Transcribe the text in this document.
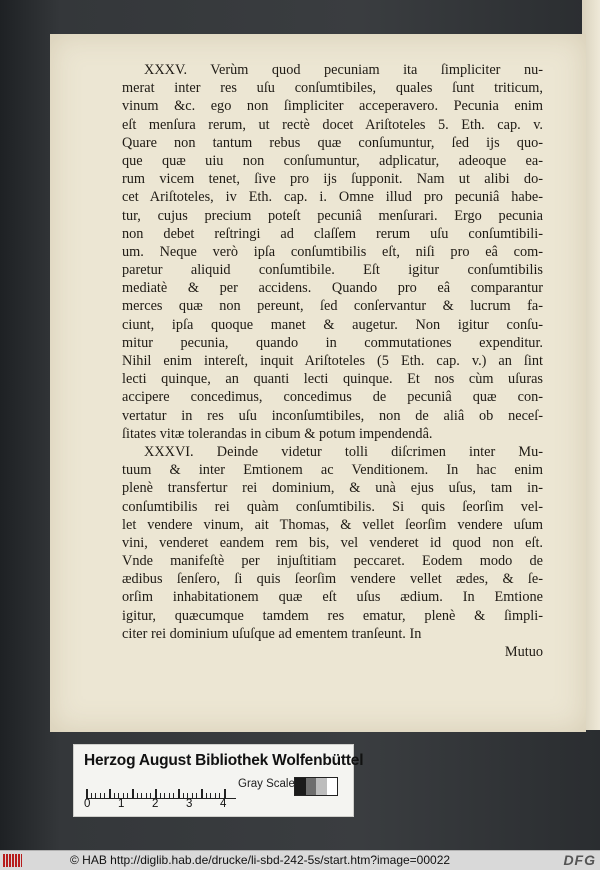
XXXV. Verùm quod pecuniam ita ſimpliciter nu-
merat inter res uſu conſumtibiles, quales ſunt triticum,
vinum &c. ego non ſimpliciter acceperavero. Pecunia enim
eſt menſura rerum, ut rectè docet Ariſtoteles 5. Eth. cap. v.
Quare non tantum rebus quæ conſumuntur, ſed ijs quo-
que quæ uiu non conſumuntur, adplicatur, adeoque ea-
rum vicem tenet, ſive pro ijs ſupponit. Nam ut alibi do-
cet Ariſtoteles, iv Eth. cap. i. Omne illud pro pecuniâ habe-
tur, cujus precium poteſt pecuniâ menſurari. Ergo pecunia
non debet reſtringi ad claſſem rerum uſu conſumtibili-
um. Neque verò ipſa conſumtibilis eſt, niſi pro eâ com-
paretur aliquid conſumtibile. Eſt igitur conſumtibilis
mediatè & per accidens. Quando pro eâ comparantur
merces quæ non pereunt, ſed conſervantur & lucrum fa-
ciunt, ipſa quoque manet & augetur. Non igitur conſu-
mitur pecunia, quando in commutationes expenditur.
Nihil enim intereſt, inquit Ariſtoteles (5 Eth. cap. v.) an ſint
lecti quinque, an quanti lecti quinque. Et nos cùm uſuras
accipere concedimus, concedimus de pecuniâ quæ con-
vertatur in res uſu inconſumtibiles, non de aliâ ob neceſ-
ſitates vitæ tolerandas in cibum & potum impendendâ.
XXXVI. Deinde videtur tolli diſcrimen inter Mu-
tuum & inter Emtionem ac Venditionem. In hac enim
plenè transfertur rei dominium, & unà ejus uſus, tam in-
conſumtibilis rei quàm conſumtibilis. Si quis ſeorſim vel-
let vendere vinum, ait Thomas, & vellet ſeorſim vendere uſum
vini, venderet eandem rem bis, vel venderet id quod non eſt.
Vnde manifeſtè per injuſtitiam peccaret. Eodem modo de
ædibus ſenſero, ſi quis ſeorſim vendere vellet ædes, & ſe-
orſim inhabitationem quæ eſt uſus ædium. In Emtione
igitur, quæcumque tamdem res ematur, plenè & ſimpli-
citer rei dominium uſuſque ad ementem tranſeunt. In
Mutuo
Herzog August Bibliothek Wolfenbüttel
0 1 2 3 4
Gray Scale
© HAB http://diglib.hab.de/drucke/li-sbd-242-5s/start.htm?image=00022	DFG
